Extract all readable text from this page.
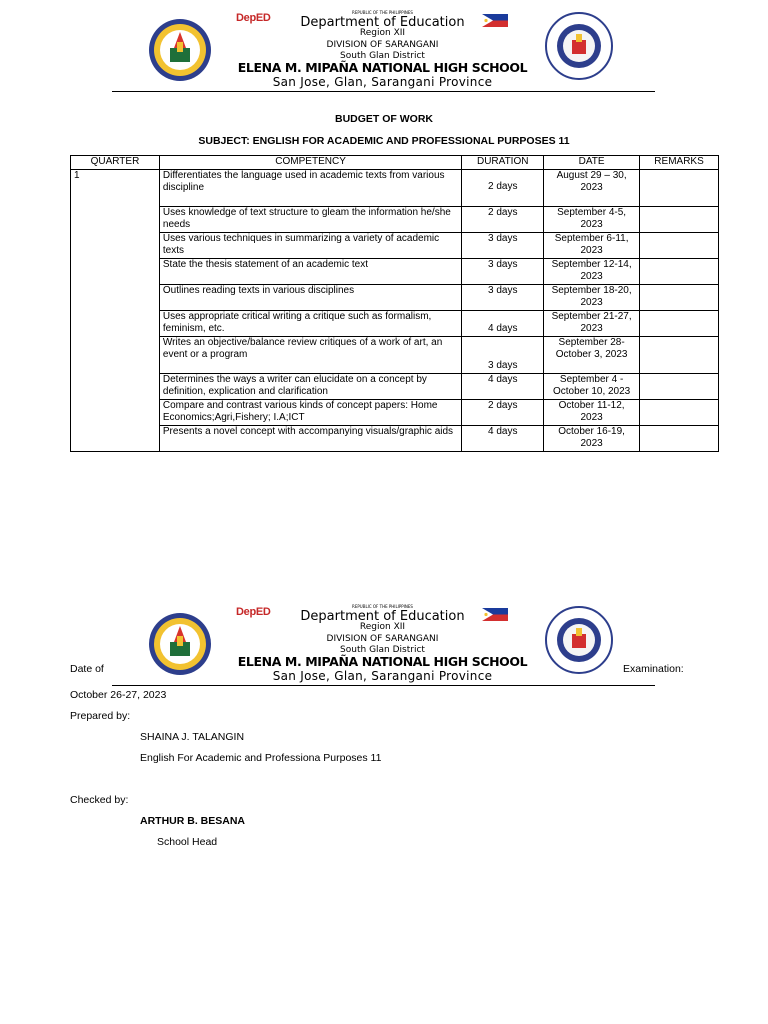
REPUBLIC OF THE PHILIPPINES
DepED	Department of Education
Region XII
DIVISION OF SARANGANI
South Glan District
ELENA M. MIPAÑA NATIONAL HIGH SCHOOL
San Jose, Glan, Sarangani Province
BUDGET OF WORK
SUBJECT: ENGLISH FOR ACADEMIC AND PROFESSIONAL PURPOSES 11
QUARTER	COMPETENCY	DURATION	DATE	REMARKS
1	Differentiates the language used in academic texts from various discipline	2 days	August 29 – 30, 2023	
	Uses knowledge of text structure to gleam the information he/she needs	2 days	September 4-5, 2023	
	Uses various techniques in summarizing a variety of academic texts	3 days	September 6-11, 2023	
	State the thesis statement of an academic text	3 days	September 12-14, 2023	
	Outlines reading texts in various disciplines	3 days	September 18-20, 2023	
	Uses appropriate critical writing a critique such as formalism, feminism, etc.	4 days	September 21-27, 2023	
	Writes an objective/balance review critiques of a work of art, an event or a program	3 days	September 28-October 3, 2023	
	Determines the ways a writer can elucidate on a concept by definition, explication and clarification	4 days	September 4 - October 10, 2023	
	Compare and contrast various kinds of concept papers: Home Economics;Agri,Fishery; I.A;ICT	2 days	October 11-12, 2023	
	Presents a novel concept with accompanying visuals/graphic aids	4 days	October 16-19, 2023	
REPUBLIC OF THE PHILIPPINES
DepED	Department of Education
Region XII
DIVISION OF SARANGANI
South Glan District
ELENA M. MIPAÑA NATIONAL HIGH SCHOOL
San Jose, Glan, Sarangani Province
Date of	Examination:
October 26-27, 2023
Prepared by:
SHAINA J. TALANGIN
English For Academic and Professiona Purposes 11
Checked by:
ARTHUR B. BESANA
School Head
